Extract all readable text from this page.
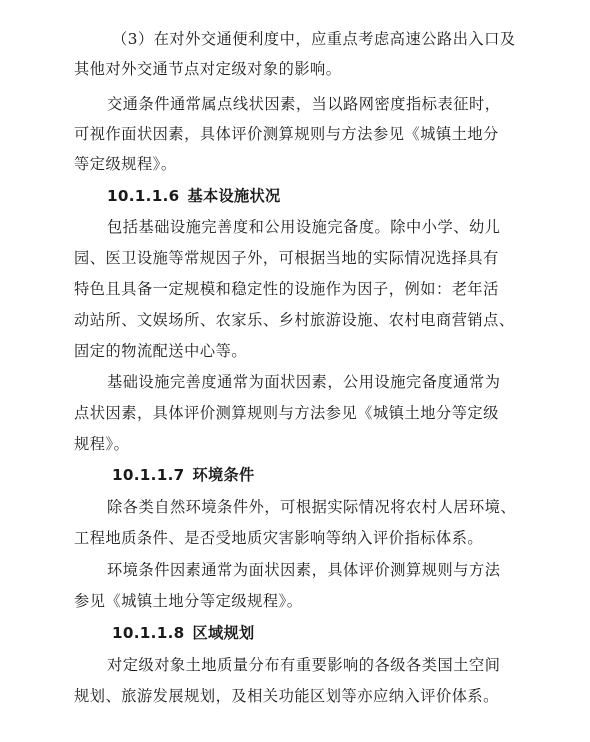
（3）在对外交通便利度中，应重点考虑高速公路出入口及
其他对外交通节点对定级对象的影响。
交通条件通常属点线状因素，当以路网密度指标表征时，
可视作面状因素，具体评价测算规则与方法参见《城镇土地分
等定级规程》。
10.1.1.6 基本设施状况
包括基础设施完善度和公用设施完备度。除中小学、幼儿
园、医卫设施等常规因子外，可根据当地的实际情况选择具有
特色且具备一定规模和稳定性的设施作为因子，例如：老年活
动站所、文娱场所、农家乐、乡村旅游设施、农村电商营销点、
固定的物流配送中心等。
基础设施完善度通常为面状因素，公用设施完备度通常为
点状因素，具体评价测算规则与方法参见《城镇土地分等定级
规程》。
10.1.1.7 环境条件
除各类自然环境条件外，可根据实际情况将农村人居环境、
工程地质条件、是否受地质灾害影响等纳入评价指标体系。
环境条件因素通常为面状因素，具体评价测算规则与方法
参见《城镇土地分等定级规程》。
10.1.1.8 区域规划
对定级对象土地质量分布有重要影响的各级各类国土空间
规划、旅游发展规划，及相关功能区划等亦应纳入评价体系。
